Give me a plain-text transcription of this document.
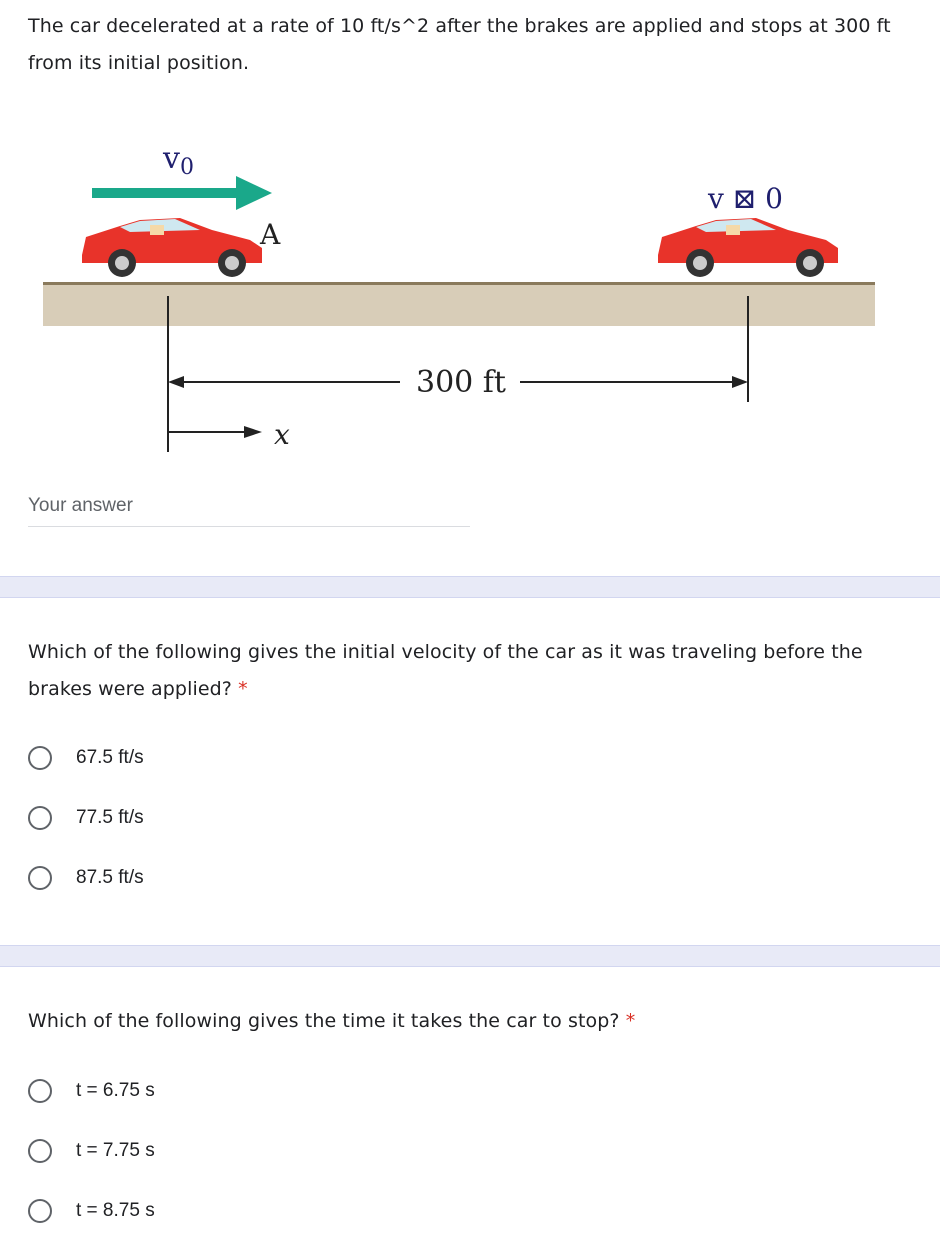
The car decelerated at a rate of 10 ft/s^2 after the brakes are applied and stops at 300 ft from its initial position.
$v_0$
A
v ⊠ 0
300 ft
x
Your answer
Which of the following gives the initial velocity of the car as it was traveling before the brakes were applied? *
67.5 ft/s
77.5 ft/s
87.5 ft/s
Which of the following gives the time it takes the car to stop? *
t = 6.75 s
t = 7.75 s
t = 8.75 s
